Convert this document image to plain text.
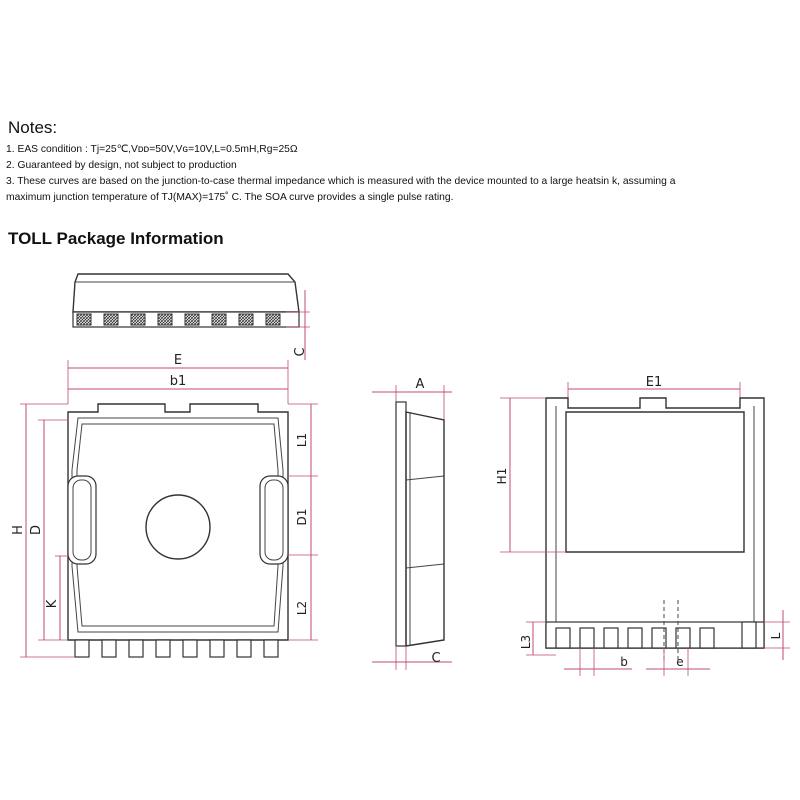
Notes:
1. EAS condition : Tj=25℃,Vᴅᴅ=50V,Vɢ=10V,L=0.5mH,Rg=25Ω
2. Guaranteed by design, not subject to production
3. These curves are based on the junction-to-case thermal impedance which is measured with the device mounted to a large heatsin k, assuming a
maximum junction temperature of TJ(MAX)=175˚ C. The SOA curve provides a single pulse rating.
TOLL Package Information
C
E
b1
L1
D1
L2
H D
K
A
C
E1
H1
L3	L
b	e
